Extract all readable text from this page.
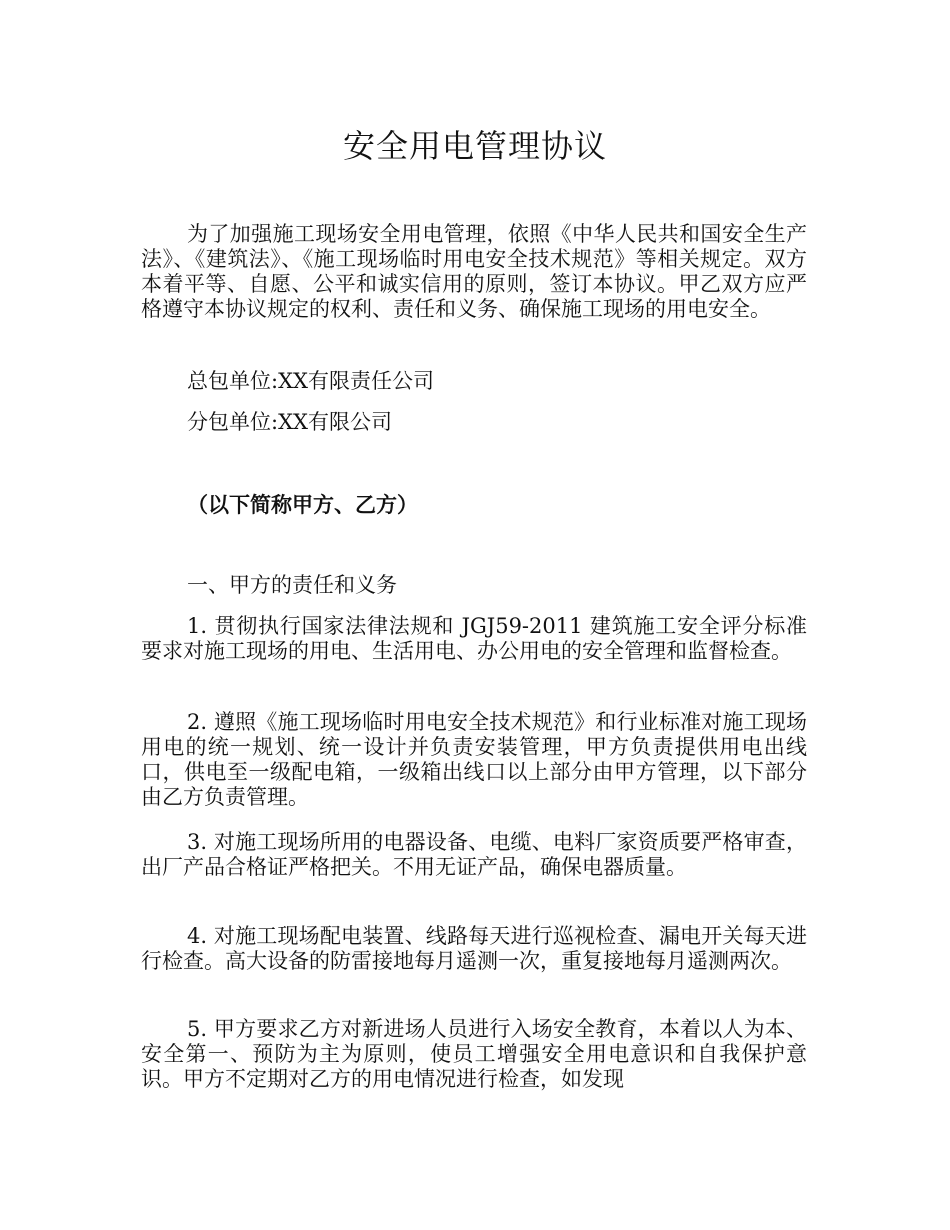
安全用电管理协议

为了加强施工现场安全用电管理，依照《中华人民共和国安全生产法》、《建筑法》、《施工现场临时用电安全技术规范》等相关规定。双方本着平等、自愿、公平和诚实信用的原则，签订本协议。甲乙双方应严格遵守本协议规定的权利、责任和义务、确保施工现场的用电安全。

总包单位:XX有限责任公司
分包单位:XX有限公司
（以下简称甲方、乙方）
一、甲方的责任和义务

1. 贯彻执行国家法律法规和 JGJ59-2011 建筑施工安全评分标准要求对施工现场的用电、生活用电、办公用电的安全管理和监督检查。

2. 遵照《施工现场临时用电安全技术规范》和行业标准对施工现场用电的统一规划、统一设计并负责安装管理，甲方负责提供用电出线口，供电至一级配电箱，一级箱出线口以上部分由甲方管理，以下部分由乙方负责管理。

3. 对施工现场所用的电器设备、电缆、电料厂家资质要严格审查，出厂产品合格证严格把关。不用无证产品，确保电器质量。

4. 对施工现场配电装置、线路每天进行巡视检查、漏电开关每天进行检查。高大设备的防雷接地每月遥测一次，重复接地每月遥测两次。

5. 甲方要求乙方对新进场人员进行入场安全教育，本着以人为本、安全第一、预防为主为原则，使员工增强安全用电意识和自我保护意识。甲方不定期对乙方的用电情况进行检查，如发现
